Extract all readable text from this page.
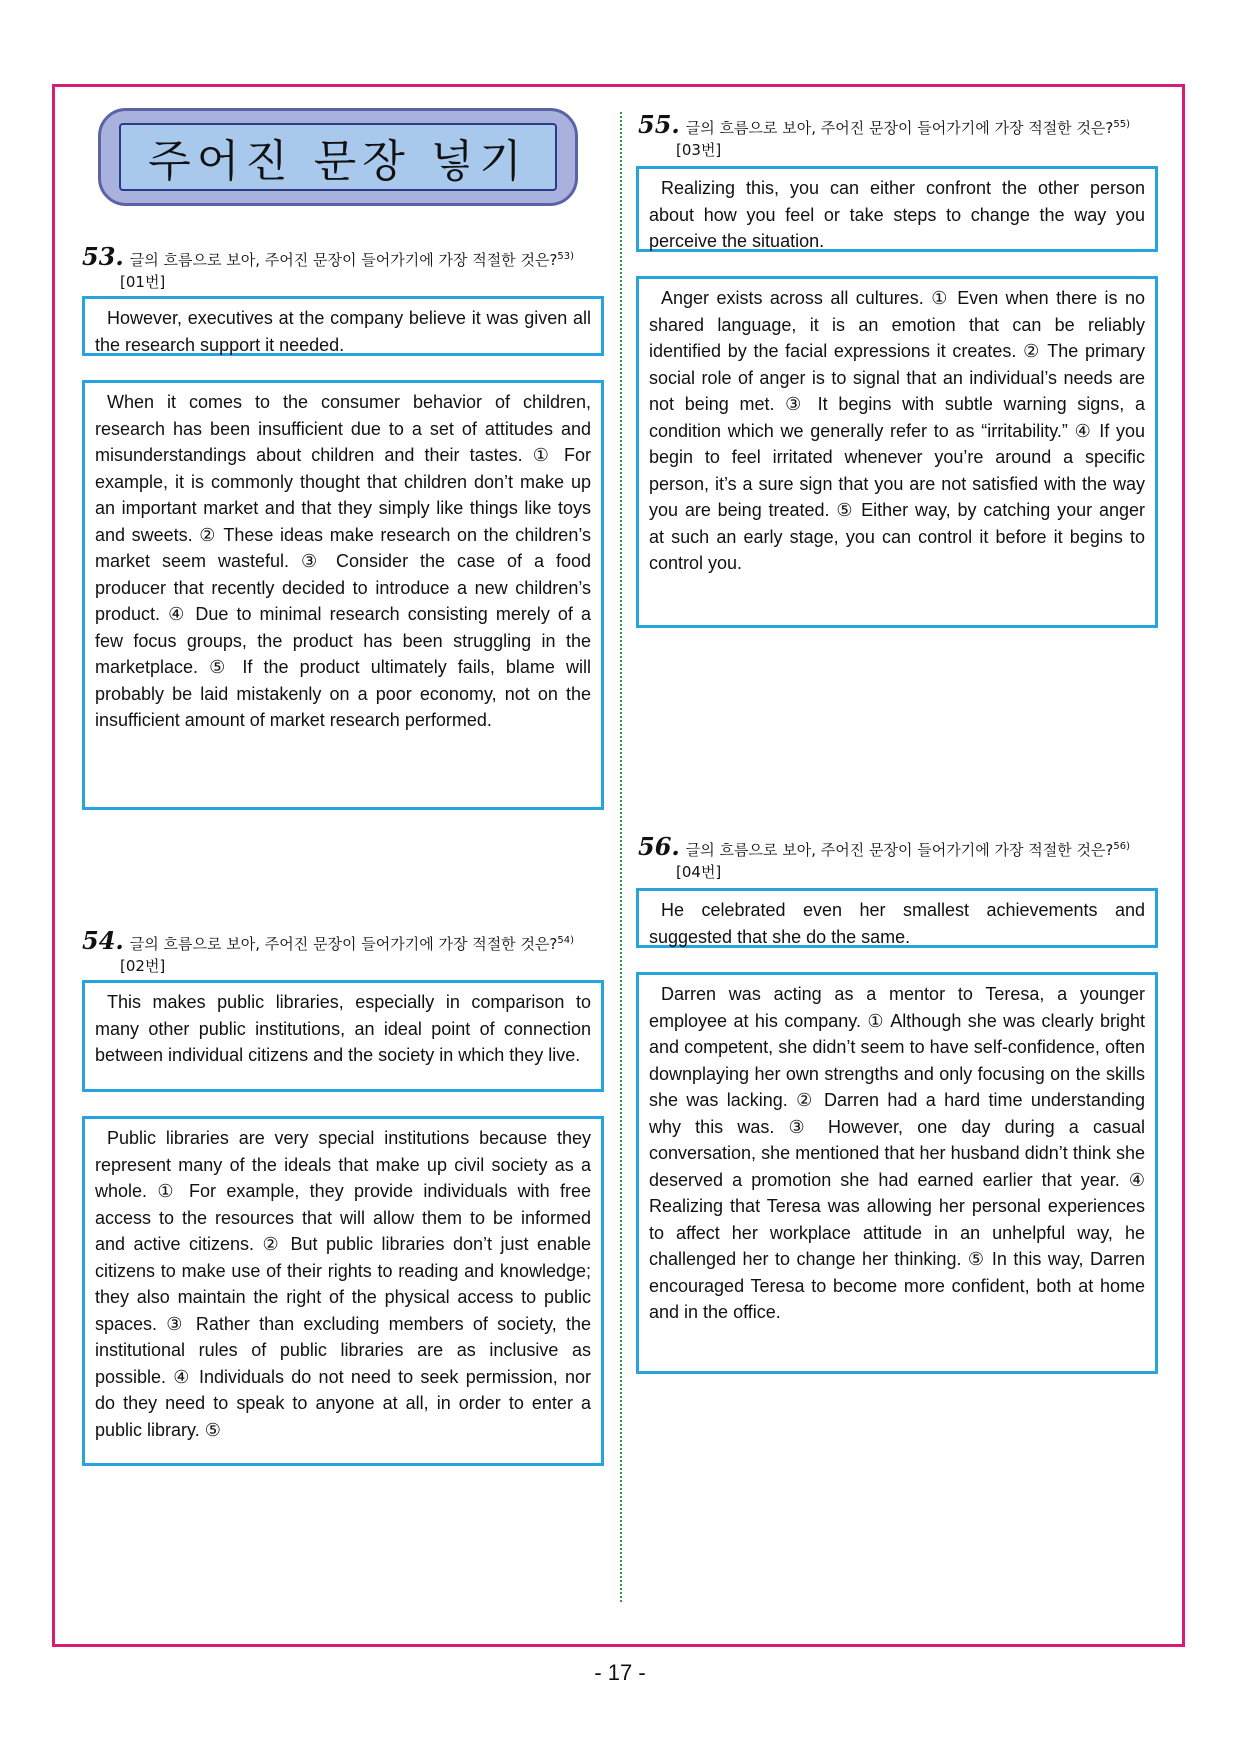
주어진 문장 넣기
53. 글의 흐름으로 보아, 주어진 문장이 들어가기에 가장 적절한 것은?$^{53)}$
[01번]
However, executives at the company believe it was given all the research support it needed.
When it comes to the consumer behavior of children, research has been insufficient due to a set of attitudes and misunderstandings about children and their tastes. ① For example, it is commonly thought that children don’t make up an important market and that they simply like things like toys and sweets. ② These ideas make research on the children’s market seem wasteful. ③ Consider the case of a food producer that recently decided to introduce a new children’s product. ④ Due to minimal research consisting merely of a few focus groups, the product has been struggling in the marketplace. ⑤ If the product ultimately fails, blame will probably be laid mistakenly on a poor economy, not on the insufficient amount of market research performed.
54. 글의 흐름으로 보아, 주어진 문장이 들어가기에 가장 적절한 것은?$^{54)}$
[02번]
This makes public libraries, especially in comparison to many other public institutions, an ideal point of connection between individual citizens and the society in which they live.
Public libraries are very special institutions because they represent many of the ideals that make up civil society as a whole. ① For example, they provide individuals with free access to the resources that will allow them to be informed and active citizens. ② But public libraries don’t just enable citizens to make use of their rights to reading and knowledge; they also maintain the right of the physical access to public spaces. ③ Rather than excluding members of society, the institutional rules of public libraries are as inclusive as possible. ④ Individuals do not need to seek permission, nor do they need to speak to anyone at all, in order to enter a public library. ⑤
55. 글의 흐름으로 보아, 주어진 문장이 들어가기에 가장 적절한 것은?$^{55)}$
[03번]
Realizing this, you can either confront the other person about how you feel or take steps to change the way you perceive the situation.
Anger exists across all cultures. ① Even when there is no shared language, it is an emotion that can be reliably identified by the facial expressions it creates. ② The primary social role of anger is to signal that an individual’s needs are not being met. ③ It begins with subtle warning signs, a condition which we generally refer to as “irritability.” ④ If you begin to feel irritated whenever you’re around a specific person, it’s a sure sign that you are not satisfied with the way you are being treated. ⑤ Either way, by catching your anger at such an early stage, you can control it before it begins to control you.
56. 글의 흐름으로 보아, 주어진 문장이 들어가기에 가장 적절한 것은?$^{56)}$
[04번]
He celebrated even her smallest achievements and suggested that she do the same.
Darren was acting as a mentor to Teresa, a younger employee at his company. ① Although she was clearly bright and competent, she didn’t seem to have self-confidence, often downplaying her own strengths and only focusing on the skills she was lacking. ② Darren had a hard time understanding why this was. ③ However, one day during a casual conversation, she mentioned that her husband didn’t think she deserved a promotion she had earned earlier that year. ④ Realizing that Teresa was allowing her personal experiences to affect her workplace attitude in an unhelpful way, he challenged her to change her thinking. ⑤ In this way, Darren encouraged Teresa to become more confident, both at home and in the office.
- 17 -
